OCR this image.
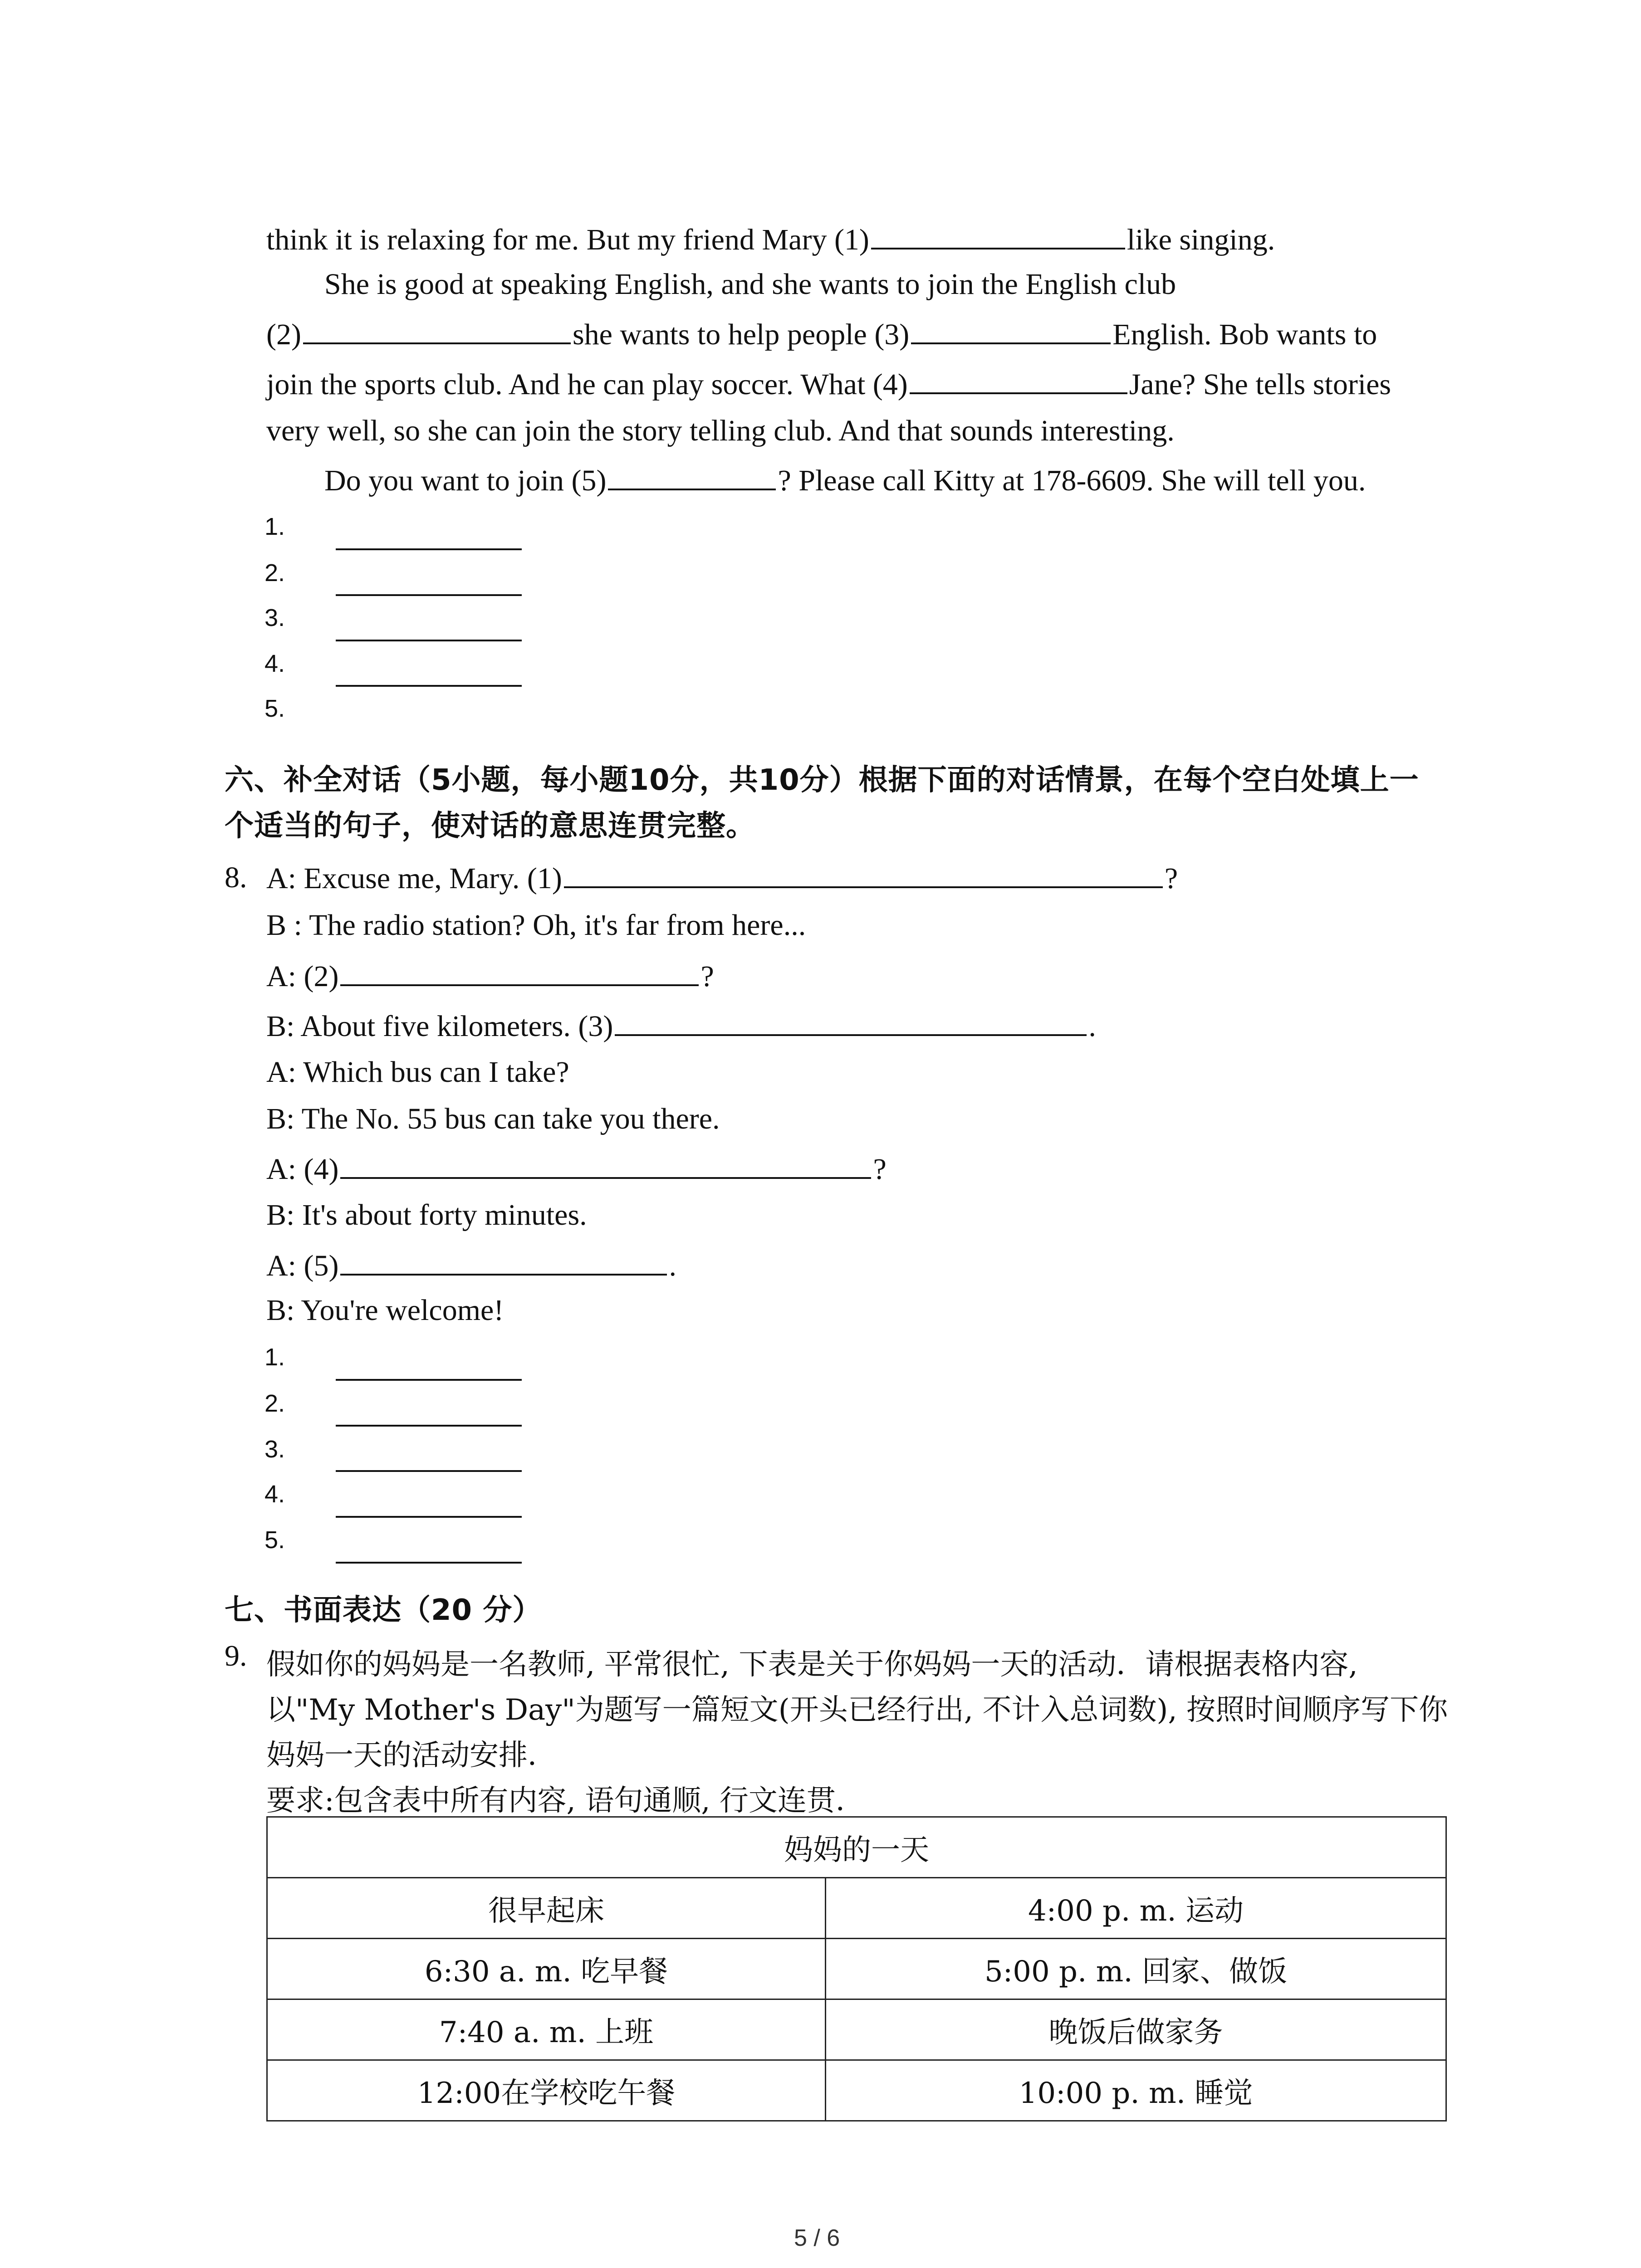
think it is relaxing for me. But my friend Mary (1)	like singing.
She is good at speaking English, and she wants to join the English club
(2)	she wants to help people (3)	English. Bob wants to
join the sports club. And he can play soccer. What (4)	Jane? She tells stories
very well, so she can join the story telling club. And that sounds interesting.
Do you want to join (5)	? Please call Kitty at 178-6609. She will tell you.
1.
2.
3.
4.
5.
六、补全对话（5小题，每小题10分，共10分）根据下面的对话情景，在每个空白处填上一
个适当的句子，使对话的意思连贯完整。
8. A: Excuse me, Mary. (1)	?
B : The radio station? Oh, it's far from here...
A: (2)	?
B: About five kilometers. (3)	.
A: Which bus can I take?
B: The No. 55 bus can take you there.
A: (4)	?
B: It's about forty minutes.
A: (5)	.
B: You're welcome!
1.
2.
3.
4.
5.
七、书面表达（20 分）
9. 假如你的妈妈是一名教师, 平常很忙, 下表是关于你妈妈一天的活动．请根据表格内容,
以"My Mother's Day"为题写一篇短文(开头已经行出, 不计入总词数), 按照时间顺序写下你
妈妈一天的活动安排．
要求:包含表中所有内容, 语句通顺, 行文连贯．
妈妈的一天	
很早起床	4:00 p. m. 运动
6:30 a. m. 吃早餐	5:00 p. m. 回家、做饭
7:40 a. m. 上班	晚饭后做家务
12:00在学校吃午餐	10:00 p. m. 睡觉
5 / 6
